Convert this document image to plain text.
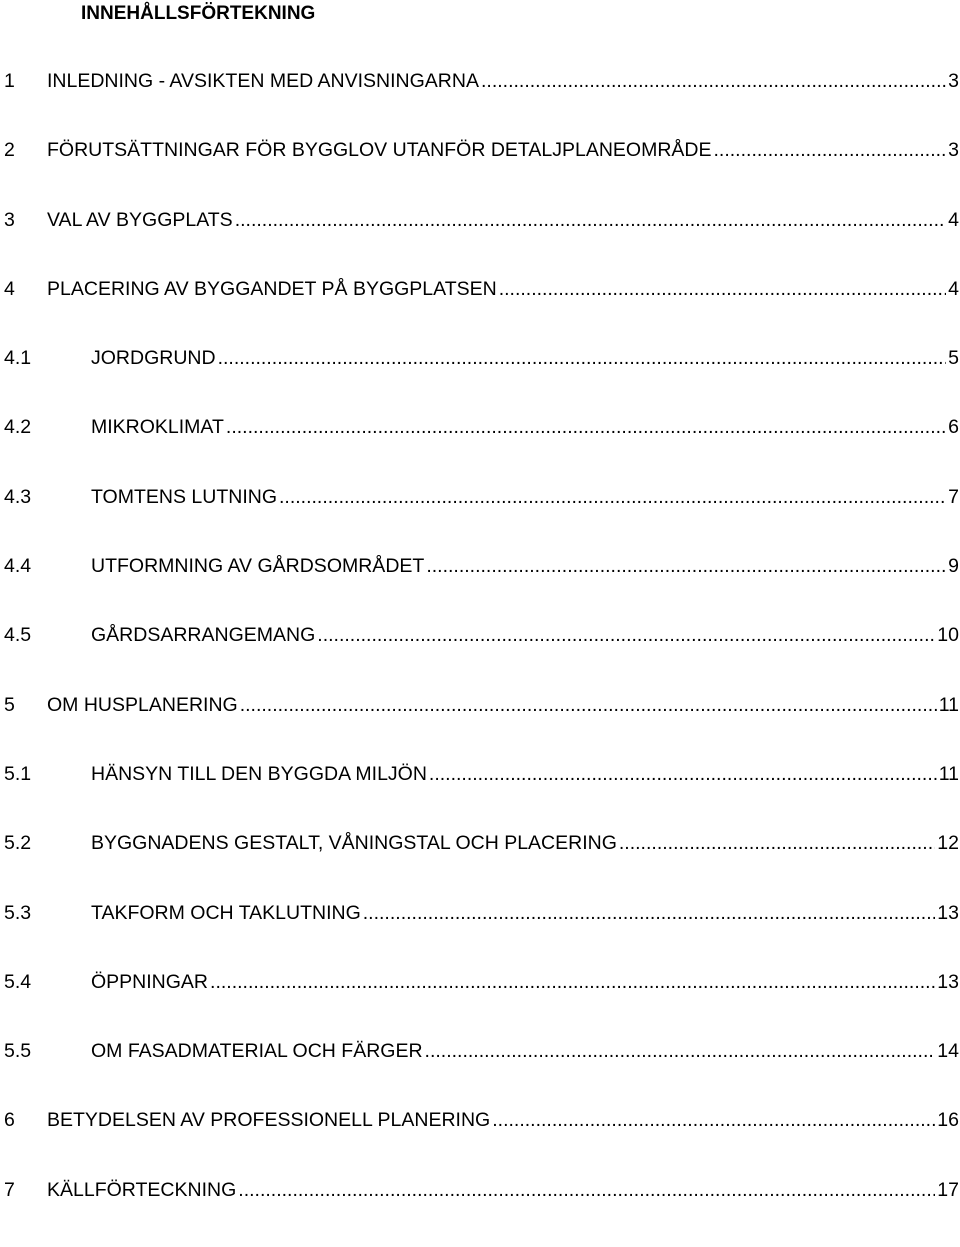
INNEHÅLLSFÖRTEKNING
1 INLEDNING - AVSIKTEN MED ANVISNINGARNA .....	3
2 FÖRUTSÄTTNINGAR FÖR BYGGLOV UTANFÖR DETALJPLANEOMRÅDE .....	3
3 VAL AV BYGGPLATS .....	4
4 PLACERING AV BYGGANDET PÅ BYGGPLATSEN .....	4
4.1	JORDGRUND .....	5
4.2	MIKROKLIMAT .....	6
4.3	TOMTENS LUTNING .....	7
4.4	UTFORMNING AV GÅRDSOMRÅDET .....	9
4.5	GÅRDSARRANGEMANG .....	10
5 OM HUSPLANERING .....	11
5.1	HÄNSYN TILL DEN BYGGDA MILJÖN .....	11
5.2	BYGGNADENS GESTALT, VÅNINGSTAL OCH PLACERING .....	12
5.3	TAKFORM OCH TAKLUTNING .....	13
5.4	ÖPPNINGAR .....	13
5.5	OM FASADMATERIAL OCH FÄRGER .....	14
6 BETYDELSEN AV PROFESSIONELL PLANERING .....	16
7 KÄLLFÖRTECKNING .....	17
